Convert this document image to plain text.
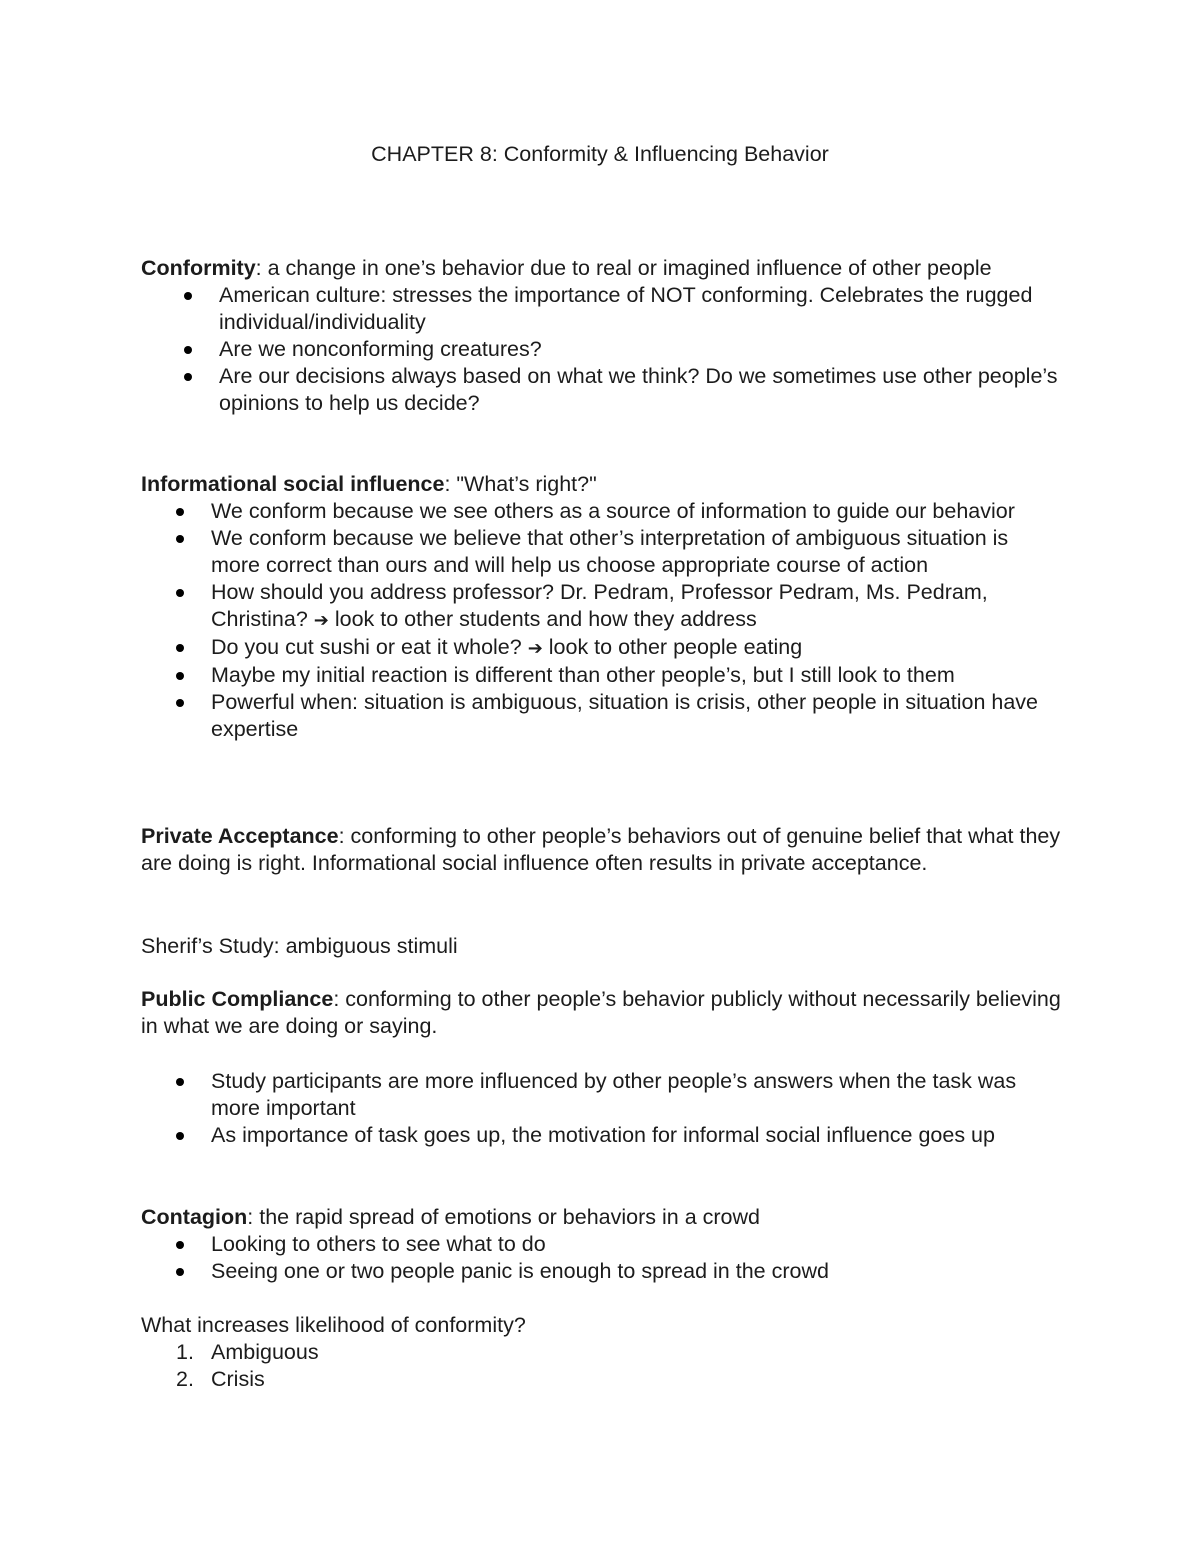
CHAPTER 8: Conformity & Influencing Behavior

Conformity: a change in one’s behavior due to real or imagined influence of other people

American culture: stresses the importance of NOT conforming. Celebrates the rugged individual/individuality
Are we nonconforming creatures?
Are our decisions always based on what we think? Do we sometimes use other people’s opinions to help us decide?

Informational social influence: "What’s right?"

We conform because we see others as a source of information to guide our behavior
We conform because we believe that other’s interpretation of ambiguous situation is more correct than ours and will help us choose appropriate course of action
How should you address professor? Dr. Pedram, Professor Pedram, Ms. Pedram, Christina? ➔ look to other students and how they address
Do you cut sushi or eat it whole? ➔ look to other people eating
Maybe my initial reaction is different than other people’s, but I still look to them
Powerful when: situation is ambiguous, situation is crisis, other people in situation have expertise

Private Acceptance: conforming to other people’s behaviors out of genuine belief that what they are doing is right. Informational social influence often results in private acceptance.

Sherif’s Study: ambiguous stimuli

Public Compliance: conforming to other people’s behavior publicly without necessarily believing in what we are doing or saying.

Study participants are more influenced by other people’s answers when the task was more important
As importance of task goes up, the motivation for informal social influence goes up

Contagion: the rapid spread of emotions or behaviors in a crowd

Looking to others to see what to do
Seeing one or two people panic is enough to spread in the crowd

What increases likelihood of conformity?

1. Ambiguous
2. Crisis
